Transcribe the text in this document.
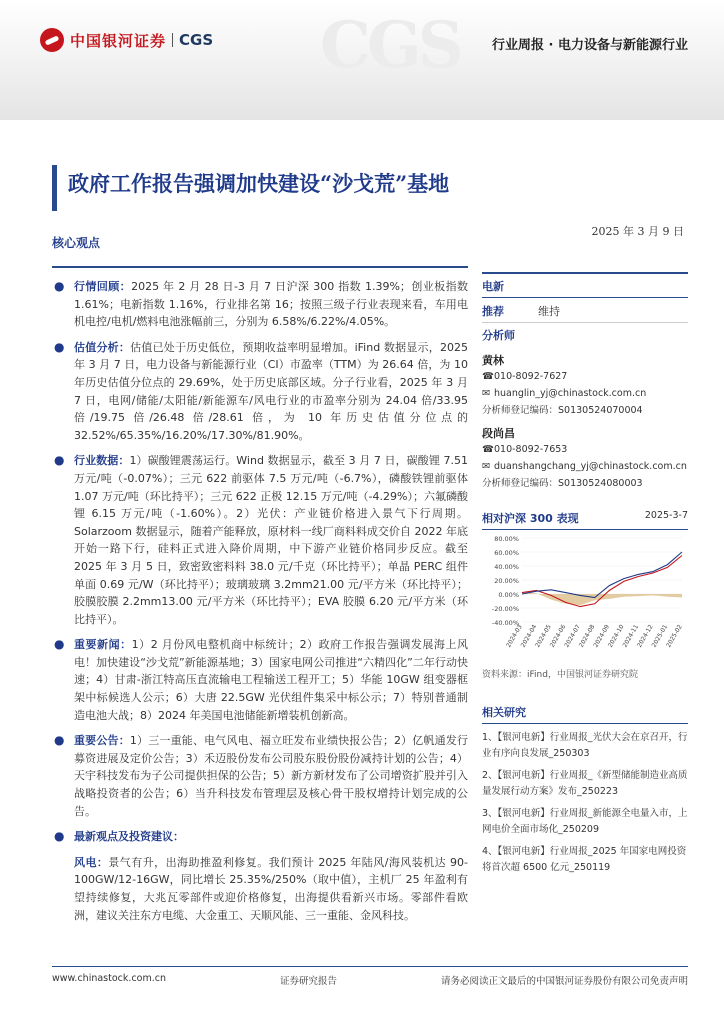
CGS
中国银河证券 CGS	行业周报 · 电力设备与新能源行业
政府工作报告强调加快建设“沙戈荒”基地
2025 年 3 月 9 日
核心观点
● 行情回顾：2025 年 2 月 28 日-3 月 7 日沪深 300 指数 1.39%；创业板指数 1.61%；电新指数 1.16%，行业排名第 16；按照三级子行业表现来看，车用电机电控/电机/燃料电池涨幅前三，分别为 6.58%/6.22%/4.05%。
● 估值分析：估值已处于历史低位，预期收益率明显增加。iFind 数据显示，2025 年 3 月 7 日，电力设备与新能源行业（CI）市盈率（TTM）为 26.64 倍，为 10 年历史估值分位点的 29.69%，处于历史底部区域。分子行业看，2025 年 3 月 7 日，电网/储能/太阳能/新能源车/风电行业的市盈率分别为 24.04 倍/33.95 倍/19.75 倍/26.48 倍/28.61 倍，为 10 年历史估值分位点的 32.52%/65.35%/16.20%/17.30%/81.90%。
● 行业数据：1）碳酸锂震荡运行。Wind 数据显示，截至 3 月 7 日，碳酸锂 7.51 万元/吨（-0.07%）；三元 622 前驱体 7.5 万元/吨（-6.7%），磷酸铁锂前驱体 1.07 万元/吨（环比持平）；三元 622 正极 12.15 万元/吨（-4.29%）；六氟磷酸锂 6.15 万元/吨（-1.60%）。2）光伏：产业链价格进入景气下行周期。Solarzoom 数据显示，随着产能释放，原材料一线厂商料料成交价自 2022 年底开始一路下行，硅料正式进入降价周期，中下游产业链价格同步反应。截至 2025 年 3 月 5 日，致密致密料料 38.0 元/千克（环比持平）；单晶 PERC 组件单面 0.69 元/W（环比持平）；玻璃玻璃 3.2mm21.00 元/平方米（环比持平）；胶膜胶膜 2.2mm13.00 元/平方米（环比持平）；EVA 胶膜 6.20 元/平方米（环比持平）。
● 重要新闻：1）2 月份风电整机商中标统计；2）政府工作报告强调发展海上风电！加快建设“沙戈荒”新能源基地；3）国家电网公司推进“六精四化”二年行动快速；4）甘肃-浙江特高压直流输电工程输送工程开工；5）华能 10GW 组变器框架中标候选人公示；6）大唐 22.5GW 光伏组件集采中标公示；7）特别普通制造电池大战；8）2024 年美国电池储能新增装机创新高。
● 重要公告：1）三一重能、电气风电、福立旺发布业绩快报公告；2）亿帆通发行募资进展及定价公告；3）禾迈股份发布公司股东股份股份减持计划的公告；4）天宇科技发布为子公司提供担保的公告；5）新方新材发布了公司增资扩股并引入战略投资者的公告；6）当升科技发布管理层及核心骨干股权增持计划完成的公告。
● 最新观点及投资建议：
风电：景气有升，出海助推盈利修复。我们预计 2025 年陆风/海风装机达 90-100GW/12-16GW，同比增长 25.35%/250%（取中值），主机厂 25 年盈利有望持续修复，大兆瓦零部件或迎价格修复，出海提供看新兴市场。零部件看欧洲，建议关注东方电缆、大金重工、天顺风能、三一重能、金风科技。
电新
推荐	维持
分析师
黄林
☎010-8092-7627
✉ huanglin_yj@chinastock.com.cn
分析师登记编码：S0130524070004
段尚昌
☎010-8092-7653
✉ duanshangchang_yj@chinastock.com.cn
分析师登记编码：S0130524080003
相对沪深 300 表现	2025-3-7
80.00%
60.00%
40.00%
20.00%
0.00%
-20.00%
-40.00%
2024-03
2024-04
2024-05
2024-06
2024-07
2024-08
2024-09
2024-10
2024-11
2024-12
2025-01
2025-02
资料来源：iFind，中国银河证券研究院
相关研究
1、【银河电新】行业周报_光伏大会在京召开，行业有序向良发展_250303
2、【银河电新】行业周报_《新型储能制造业高质量发展行动方案》发布_250223
3、【银河电新】行业周报_新能源全电量入市，上网电价全面市场化_250209
4、【银河电新】行业周报_2025 年国家电网投资将首次超 6500 亿元_250119
www.chinastock.com.cn	证券研究报告	请务必阅读正文最后的中国银河证券股份有限公司免责声明
